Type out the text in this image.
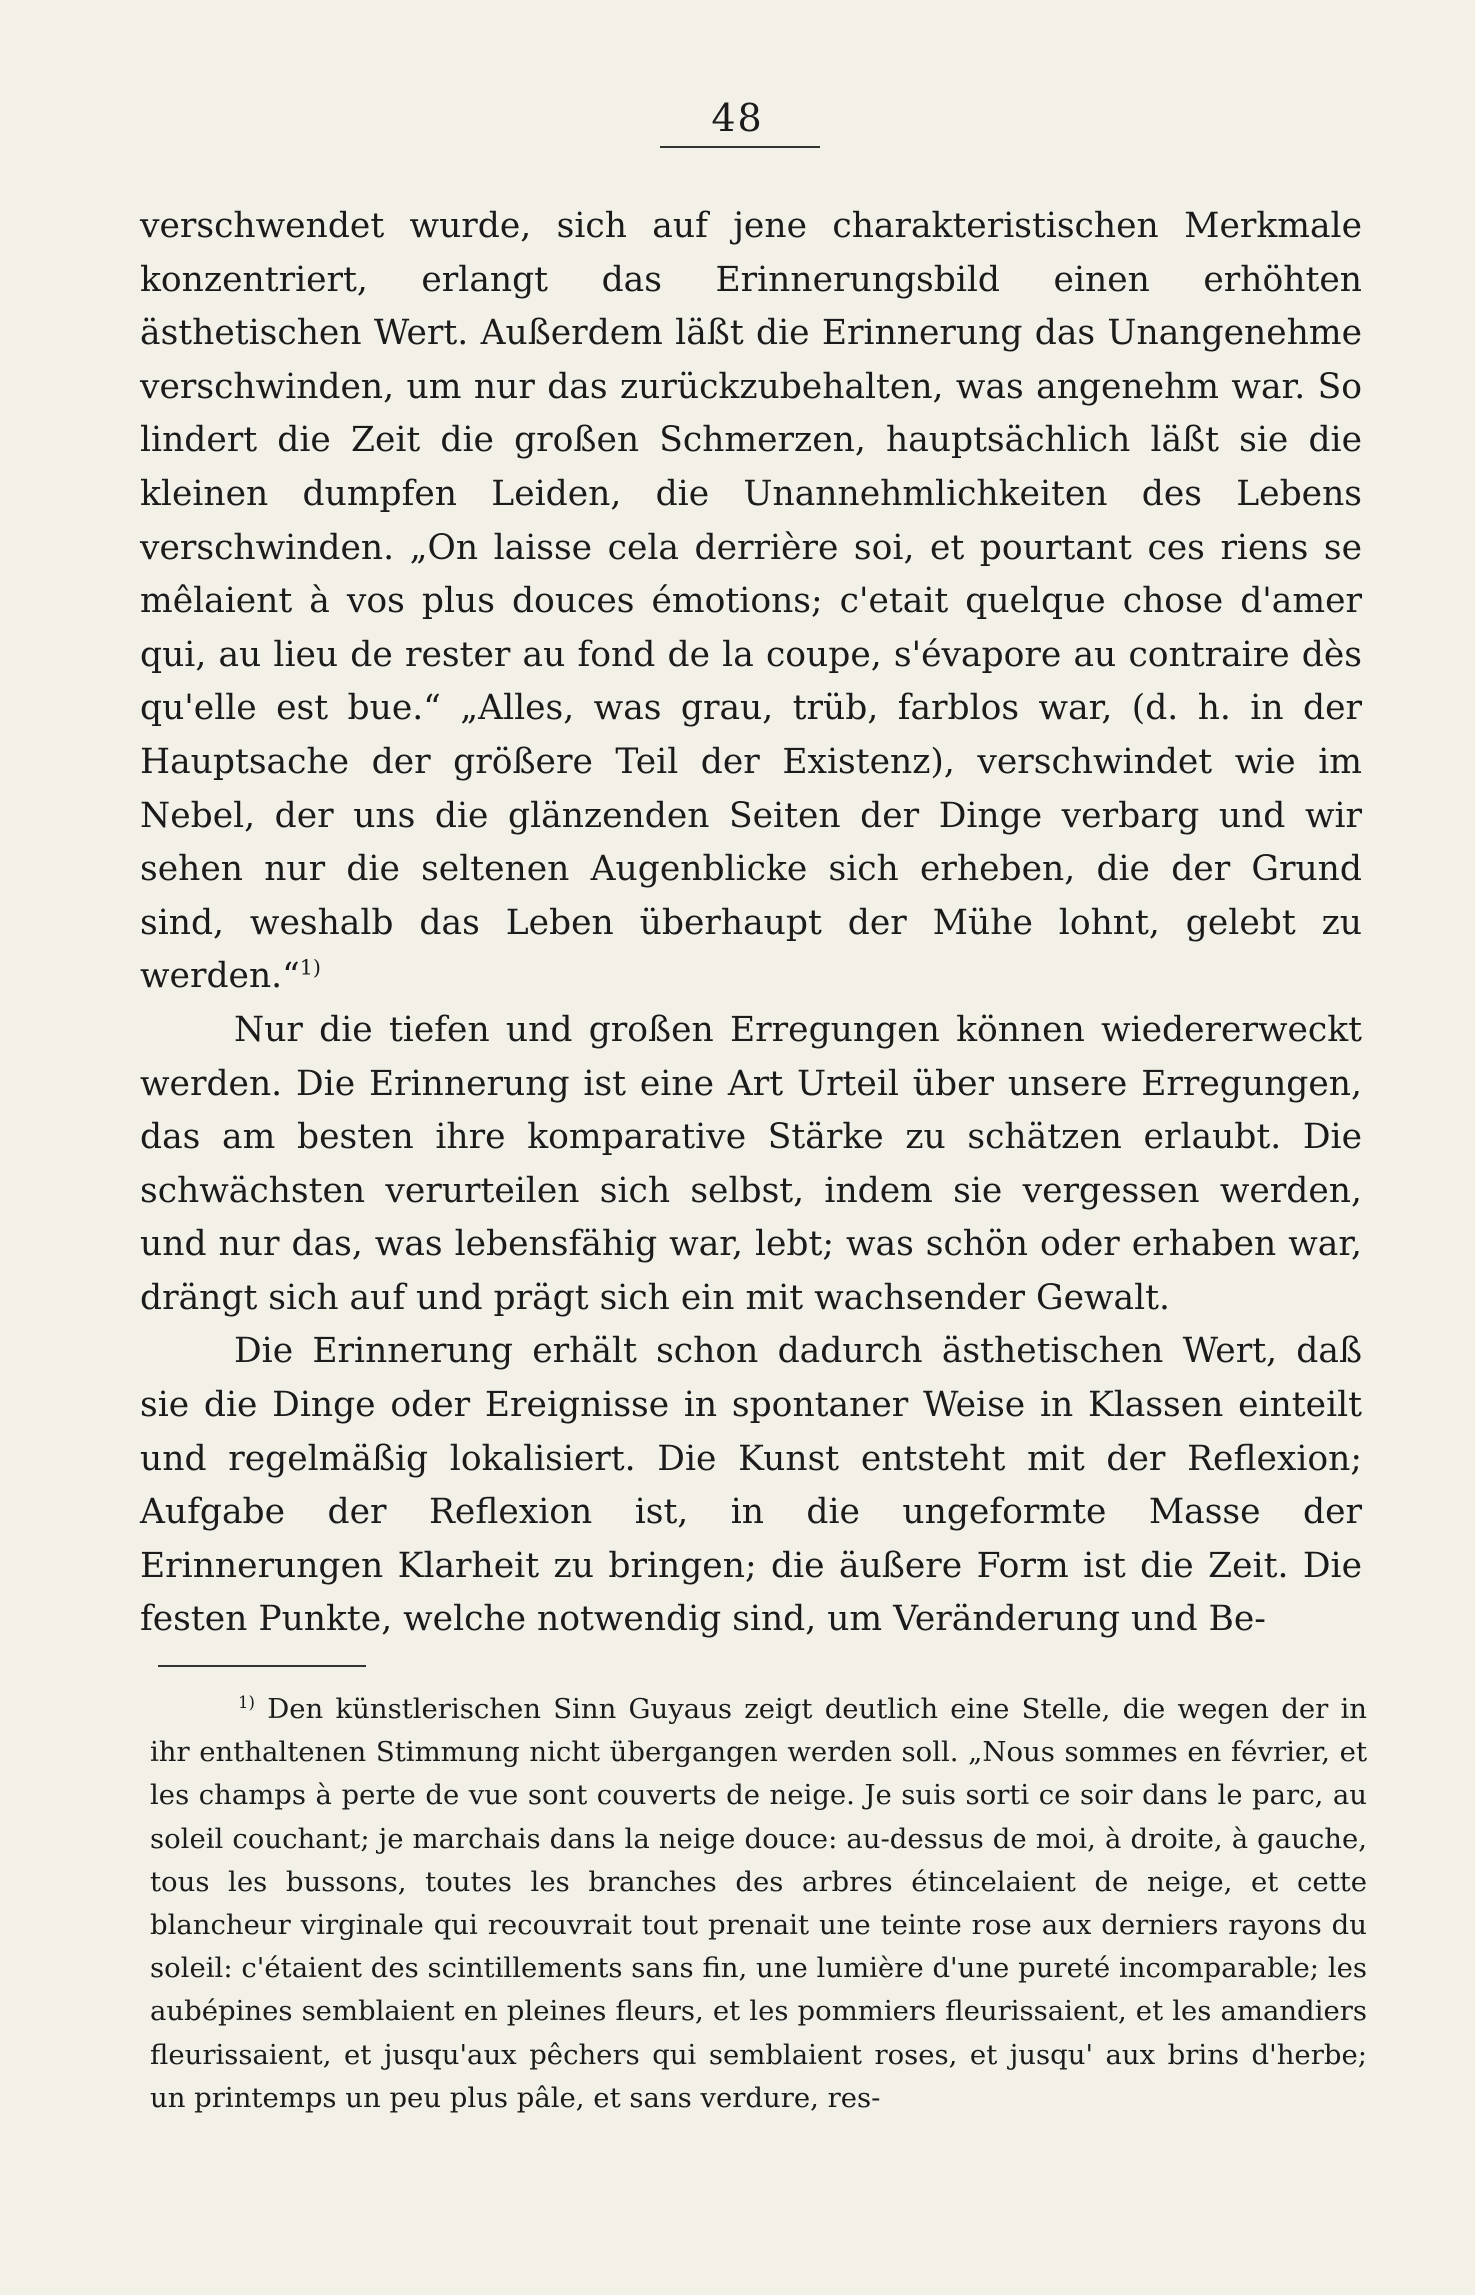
48

verschwendet wurde, sich auf jene charakteristischen Merkmale konzentriert, erlangt das Erinnerungsbild einen erhöhten ästhetischen Wert. Außerdem läßt die Erinnerung das Unangenehme verschwinden, um nur das zurückzubehalten, was angenehm war. So lindert die Zeit die großen Schmerzen, hauptsächlich läßt sie die kleinen dumpfen Leiden, die Unannehmlichkeiten des Lebens verschwinden. „On laisse cela derrière soi, et pourtant ces riens se mêlaient à vos plus douces émotions; c'etait quelque chose d'amer qui, au lieu de rester au fond de la coupe, s'évapore au contraire dès qu'elle est bue.“ „Alles, was grau, trüb, farblos war, (d. h. in der Hauptsache der größere Teil der Existenz), verschwindet wie im Nebel, der uns die glänzenden Seiten der Dinge verbarg und wir sehen nur die seltenen Augenblicke sich erheben, die der Grund sind, weshalb das Leben überhaupt der Mühe lohnt, gelebt zu werden.“$^{1)}$

Nur die tiefen und großen Erregungen können wiedererweckt werden. Die Erinnerung ist eine Art Urteil über unsere Erregungen, das am besten ihre komparative Stärke zu schätzen erlaubt. Die schwächsten verurteilen sich selbst, indem sie vergessen werden, und nur das, was lebensfähig war, lebt; was schön oder erhaben war, drängt sich auf und prägt sich ein mit wachsender Gewalt.

Die Erinnerung erhält schon dadurch ästhetischen Wert, daß sie die Dinge oder Ereignisse in spontaner Weise in Klassen einteilt und regelmäßig lokalisiert. Die Kunst entsteht mit der Reflexion; Aufgabe der Reflexion ist, in die ungeformte Masse der Erinnerungen Klarheit zu bringen; die äußere Form ist die Zeit. Die festen Punkte, welche notwendig sind, um Veränderung und Be-

$^{1)}$ Den künstlerischen Sinn Guyaus zeigt deutlich eine Stelle, die wegen der in ihr enthaltenen Stimmung nicht übergangen werden soll. „Nous sommes en février, et les champs à perte de vue sont couverts de neige. Je suis sorti ce soir dans le parc, au soleil couchant; je marchais dans la neige douce: au-dessus de moi, à droite, à gauche, tous les bussons, toutes les branches des arbres étincelaient de neige, et cette blancheur virginale qui recouvrait tout prenait une teinte rose aux derniers rayons du soleil: c'étaient des scintillements sans fin, une lumière d'une pureté incomparable; les aubépines semblaient en pleines fleurs, et les pommiers fleurissaient, et les amandiers fleurissaient, et jusqu'aux pêchers qui semblaient roses, et jusqu' aux brins d'herbe; un printemps un peu plus pâle, et sans verdure, res-
